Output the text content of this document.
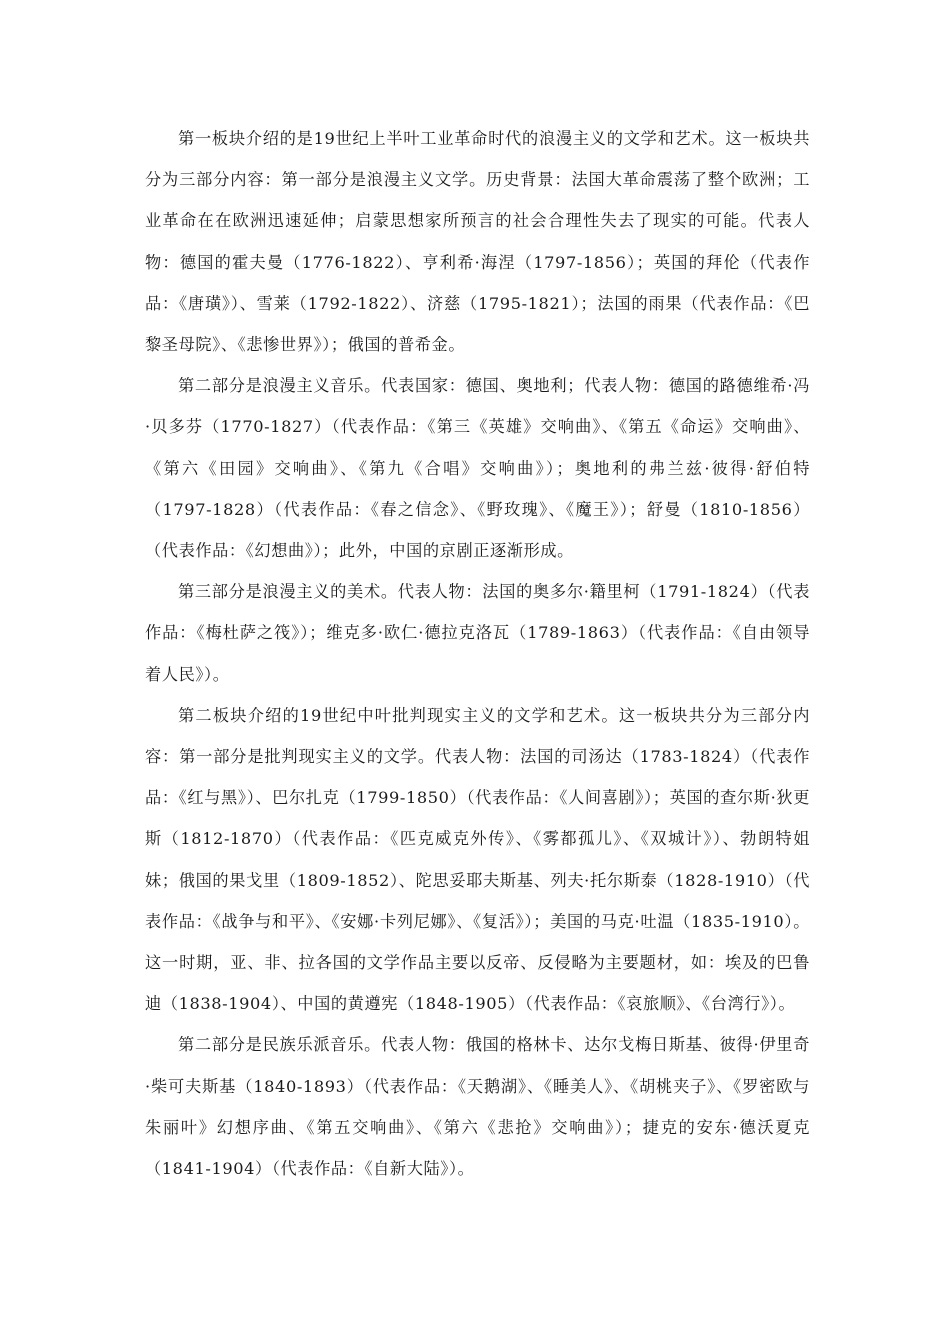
第一板块介绍的是19世纪上半叶工业革命时代的浪漫主义的文学和艺术。这一板块共分为三部分内容：第一部分是浪漫主义文学。历史背景：法国大革命震荡了整个欧洲；工业革命在在欧洲迅速延伸；启蒙思想家所预言的社会合理性失去了现实的可能。代表人物：德国的霍夫曼（1776-1822）、亨利希·海涅（1797-1856）；英国的拜伦（代表作品：《唐璜》）、雪莱（1792-1822）、济慈（1795-1821）；法国的雨果（代表作品：《巴黎圣母院》、《悲惨世界》）；俄国的普希金。

第二部分是浪漫主义音乐。代表国家：德国、奥地利；代表人物：德国的路德维希·冯·贝多芬（1770-1827）（代表作品：《第三《英雄》交响曲》、《第五《命运》交响曲》、《第六《田园》交响曲》、《第九《合唱》交响曲》）；奥地利的弗兰兹·彼得·舒伯特（1797-1828）（代表作品：《春之信念》、《野玫瑰》、《魔王》）；舒曼（1810-1856）（代表作品：《幻想曲》）；此外，中国的京剧正逐渐形成。

第三部分是浪漫主义的美术。代表人物：法国的奥多尔·籍里柯（1791-1824）（代表作品：《梅杜萨之筏》）；维克多·欧仁·德拉克洛瓦（1789-1863）（代表作品：《自由领导着人民》）。

第二板块介绍的19世纪中叶批判现实主义的文学和艺术。这一板块共分为三部分内容：第一部分是批判现实主义的文学。代表人物：法国的司汤达（1783-1824）（代表作品：《红与黑》）、巴尔扎克（1799-1850）（代表作品：《人间喜剧》）；英国的查尔斯·狄更斯（1812-1870）（代表作品：《匹克威克外传》、《雾都孤儿》、《双城计》）、勃朗特姐妹；俄国的果戈里（1809-1852）、陀思妥耶夫斯基、列夫·托尔斯泰（1828-1910）（代表作品：《战争与和平》、《安娜·卡列尼娜》、《复活》）；美国的马克·吐温（1835-1910）。这一时期，亚、非、拉各国的文学作品主要以反帝、反侵略为主要题材，如：埃及的巴鲁迪（1838-1904）、中国的黄遵宪（1848-1905）（代表作品：《哀旅顺》、《台湾行》）。

第二部分是民族乐派音乐。代表人物：俄国的格林卡、达尔戈梅日斯基、彼得·伊里奇·柴可夫斯基（1840-1893）（代表作品：《天鹅湖》、《睡美人》、《胡桃夹子》、《罗密欧与朱丽叶》幻想序曲、《第五交响曲》、《第六《悲抢》交响曲》）；捷克的安东·德沃夏克（1841-1904）（代表作品：《自新大陆》）。
